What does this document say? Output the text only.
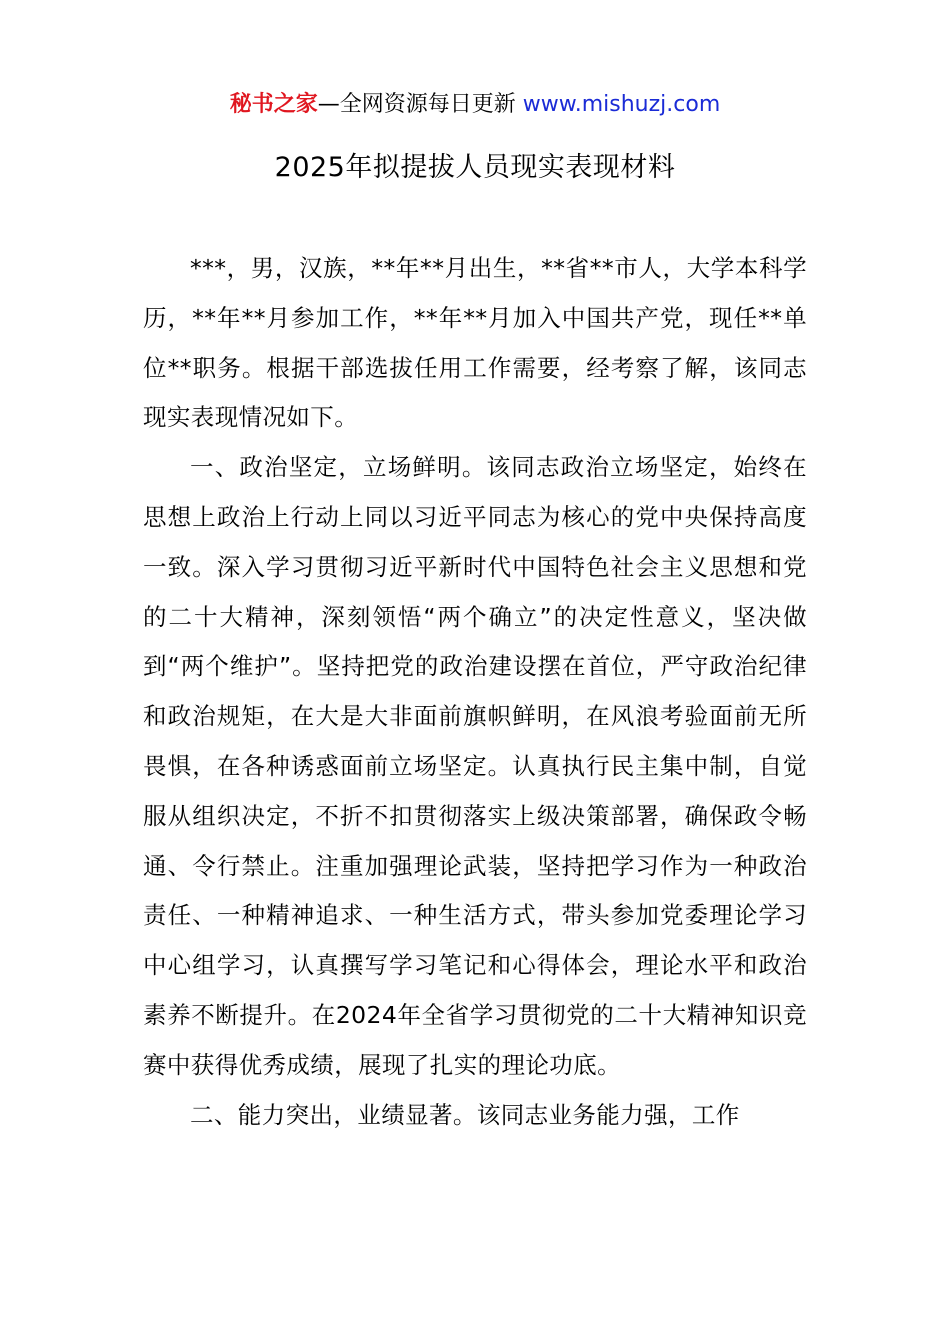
秘书之家—全网资源每日更新 www.mishuzj.com
2025年拟提拔人员现实表现材料

***，男，汉族，**年**月出生，**省**市人，大学本科学历，**年**月参加工作，**年**月加入中国共产党，现任**单位**职务。根据干部选拔任用工作需要，经考察了解，该同志现实表现情况如下。

一、政治坚定，立场鲜明。该同志政治立场坚定，始终在思想上政治上行动上同以习近平同志为核心的党中央保持高度一致。深入学习贯彻习近平新时代中国特色社会主义思想和党的二十大精神，深刻领悟“两个确立”的决定性意义，坚决做到“两个维护”。坚持把党的政治建设摆在首位，严守政治纪律和政治规矩，在大是大非面前旗帜鲜明，在风浪考验面前无所畏惧，在各种诱惑面前立场坚定。认真执行民主集中制，自觉服从组织决定，不折不扣贯彻落实上级决策部署，确保政令畅通、令行禁止。注重加强理论武装，坚持把学习作为一种政治责任、一种精神追求、一种生活方式，带头参加党委理论学习中心组学习，认真撰写学习笔记和心得体会，理论水平和政治素养不断提升。在2024年全省学习贯彻党的二十大精神知识竞赛中获得优秀成绩，展现了扎实的理论功底。

二、能力突出，业绩显著。该同志业务能力强，工作
